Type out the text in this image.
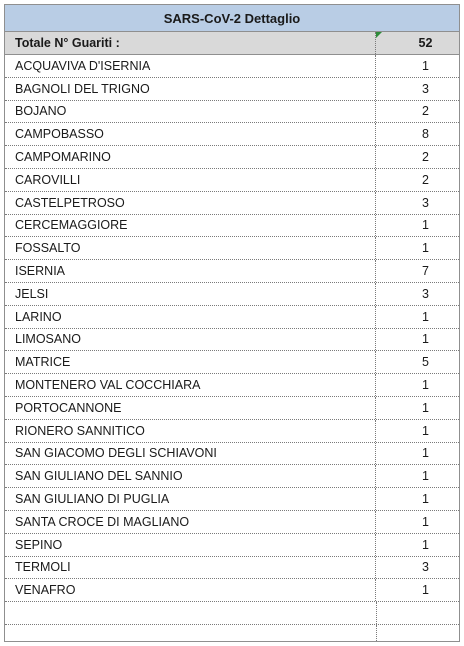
SARS-CoV-2 Dettaglio
Totale N° Guariti :	52
ACQUAVIVA D'ISERNIA	1
BAGNOLI DEL TRIGNO	3
BOJANO	2
CAMPOBASSO	8
CAMPOMARINO	2
CAROVILLI	2
CASTELPETROSO	3
CERCEMAGGIORE	1
FOSSALTO	1
ISERNIA	7
JELSI	3
LARINO	1
LIMOSANO	1
MATRICE	5
MONTENERO VAL COCCHIARA	1
PORTOCANNONE	1
RIONERO SANNITICO	1
SAN GIACOMO DEGLI SCHIAVONI	1
SAN GIULIANO DEL SANNIO	1
SAN GIULIANO DI PUGLIA	1
SANTA CROCE DI MAGLIANO	1
SEPINO	1
TERMOLI	3
VENAFRO	1
